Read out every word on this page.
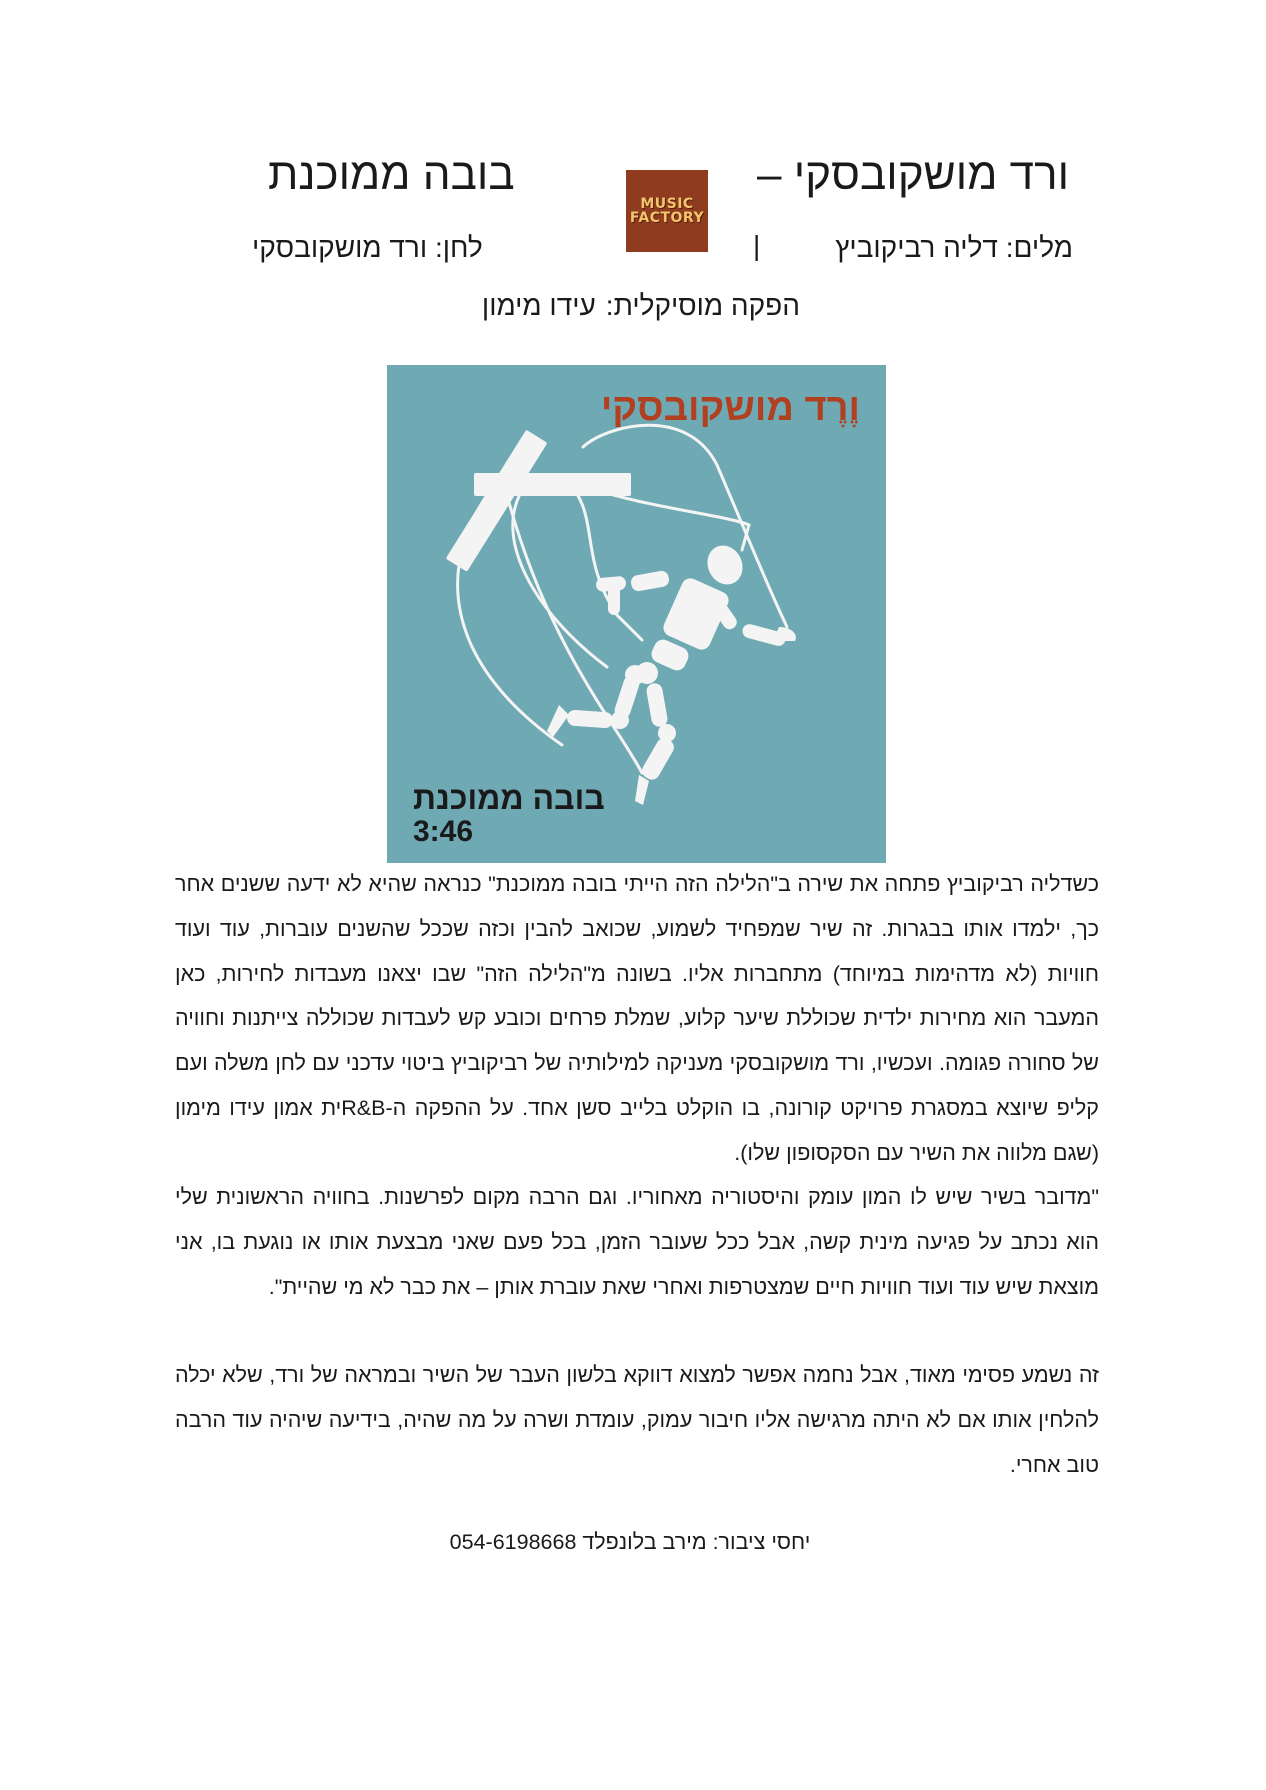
ורד מושקובסקי –
בובה ממוכנת
MUSIC
FACTORY
מלים: דליה רביקוביץ
|
לחן: ורד מושקובסקי
הפקה מוסיקלית:עידו מימון
וֶרֶד מושקובסקי
בובה ממוכנת
3:46

כשדליה רביקוביץ פתחה את שירה ב"הלילה הזה הייתי בובה ממוכנת" כנראה שהיא לא ידעה ששנים אחר כך, ילמדו אותו בבגרות. זה שיר שמפחיד לשמוע, שכואב להבין וכזה שככל שהשנים עוברות, עוד ועוד חוויות (לא מדהימות במיוחד) מתחברות אליו. בשונה מ"הלילה הזה" שבו יצאנו מעבדות לחירות, כאן המעבר הוא מחירות ילדית שכוללת שיער קלוע, שמלת פרחים וכובע קש לעבדות שכוללה צייתנות וחוויה של סחורה פגומה. ועכשיו, ורד מושקובסקי מעניקה למילותיה של רביקוביץ ביטוי עדכני עם לחן משלה ועם קליפ שיוצא במסגרת פרויקט קורונה, בו הוקלט בלייב סשן אחד. על ההפקה ה-R&Bית אמון עידו מימון (שגם מלווה את השיר עם הסקסופון שלו).

"מדובר בשיר שיש לו המון עומק והיסטוריה מאחוריו. וגם הרבה מקום לפרשנות. בחוויה הראשונית שלי הוא נכתב על פגיעה מינית קשה, אבל ככל שעובר הזמן, בכל פעם שאני מבצעת אותו או נוגעת בו, אני מוצאת שיש עוד ועוד חוויות חיים שמצטרפות ואחרי שאת עוברת אותן – את כבר לא מי שהיית".

זה נשמע פסימי מאוד, אבל נחמה אפשר למצוא דווקא בלשון העבר של השיר ובמראה של ורד, שלא יכלה להלחין אותו אם לא היתה מרגישה אליו חיבור עמוק, עומדת ושרה על מה שהיה, בידיעה שיהיה עוד הרבה טוב אחרי.

יחסי ציבור: מירב בלונפלד 054-6198668
